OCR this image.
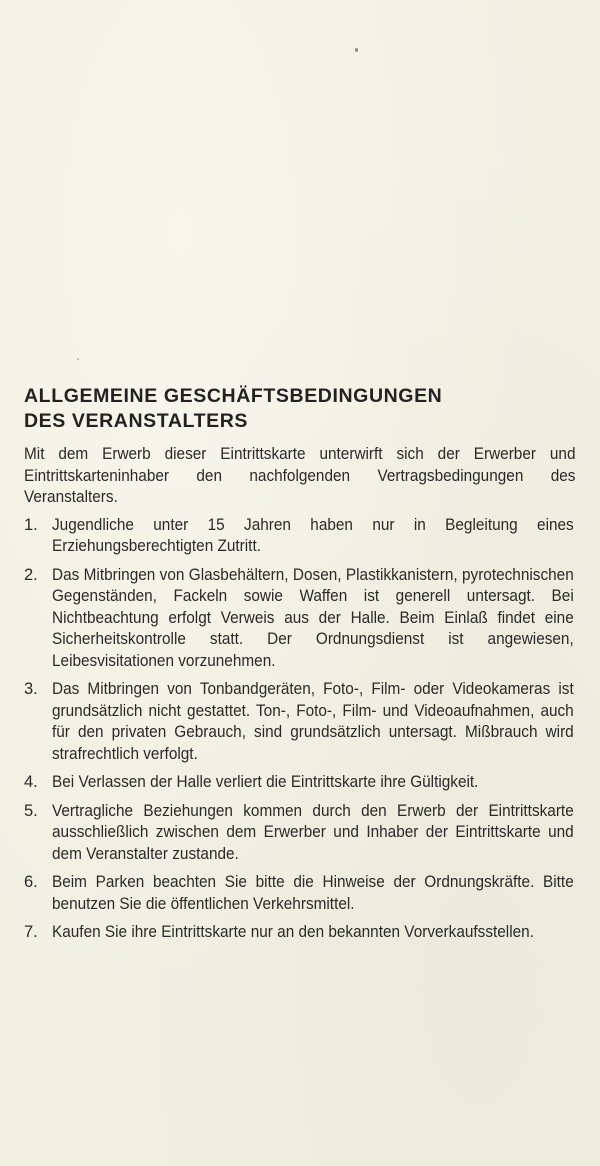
ALLGEMEINE GESCHÄFTSBEDINGUNGEN
DES VERANSTALTERS

Mit dem Erwerb dieser Eintrittskarte unterwirft sich der Erwerber und Eintrittskarteninhaber den nachfolgenden Vertragsbedingungen des Veranstalters.

1. Jugendliche unter 15 Jahren haben nur in Begleitung eines Erziehungsberechtigten Zutritt.
2. Das Mitbringen von Glasbehältern, Dosen, Plastikkanistern, pyrotechnischen Gegenständen, Fackeln sowie Waffen ist generell untersagt. Bei Nichtbeachtung erfolgt Verweis aus der Halle. Beim Einlaß findet eine Sicherheitskontrolle statt. Der Ordnungsdienst ist angewiesen, Leibesvisitationen vorzunehmen.
3. Das Mitbringen von Tonbandgeräten, Foto-, Film- oder Videokameras ist grundsätzlich nicht gestattet. Ton-, Foto-, Film- und Videoaufnahmen, auch für den privaten Gebrauch, sind grundsätzlich untersagt. Mißbrauch wird strafrechtlich verfolgt.
4. Bei Verlassen der Halle verliert die Eintrittskarte ihre Gültigkeit.
5. Vertragliche Beziehungen kommen durch den Erwerb der Eintrittskarte ausschließlich zwischen dem Erwerber und Inhaber der Eintrittskarte und dem Veranstalter zustande.
6. Beim Parken beachten Sie bitte die Hinweise der Ordnungskräfte. Bitte benutzen Sie die öffentlichen Verkehrsmittel.
7. Kaufen Sie ihre Eintrittskarte nur an den bekannten Vorverkaufsstellen.
